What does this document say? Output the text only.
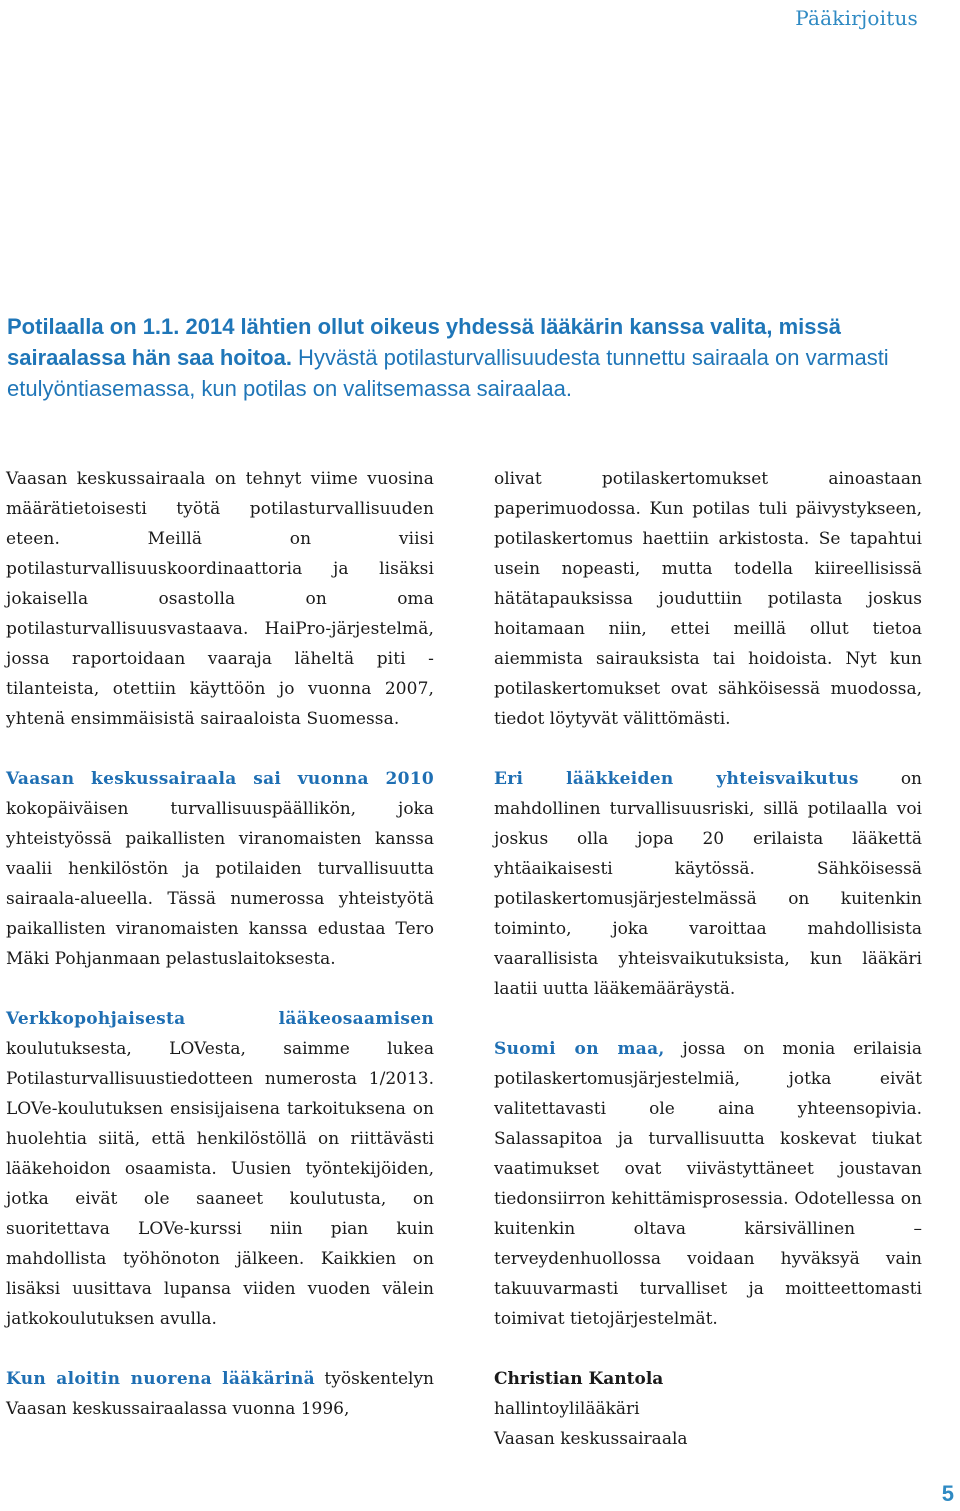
Pääkirjoitus

Potilaalla on 1.1. 2014 lähtien ollut oikeus yhdessä lääkärin kanssa valita, missä sairaalassa hän saa hoitoa. Hyvästä potilasturvallisuudesta tunnettu sairaala on varmasti etulyöntiasemassa, kun potilas on valitsemassa sairaalaa.

Vaasan keskussairaala on tehnyt viime vuosina määrätietoisesti työtä potilasturvallisuuden eteen. Meillä on viisi potilasturvallisuuskoordinaattoria ja lisäksi jokaisella osastolla on oma potilasturvallisuusvastaava. HaiPro-järjestelmä, jossa raportoidaan vaaraja läheltä piti -tilanteista, otettiin käyttöön jo vuonna 2007, yhtenä ensimmäisistä sairaaloista Suomessa.

Vaasan keskussairaala sai vuonna 2010 kokopäiväisen turvallisuuspäällikön, joka yhteistyössä paikallisten viranomaisten kanssa vaalii henkilöstön ja potilaiden turvallisuutta sairaala-alueella. Tässä numerossa yhteistyötä paikallisten viranomaisten kanssa edustaa Tero Mäki Pohjanmaan pelastuslaitoksesta.

Verkkopohjaisesta lääkeosaamisen koulutuksesta, LOVesta, saimme lukea Potilasturvallisuustiedotteen numerosta 1/2013. LOVe-koulutuksen ensisijaisena tarkoituksena on huolehtia siitä, että henkilöstöllä on riittävästi lääkehoidon osaamista. Uusien työntekijöiden, jotka eivät ole saaneet koulutusta, on suoritettava LOVe-kurssi niin pian kuin mahdollista työhönoton jälkeen. Kaikkien on lisäksi uusittava lupansa viiden vuoden välein jatkokoulutuksen avulla.

Kun aloitin nuorena lääkärinä työskentelyn Vaasan keskussairaalassa vuonna 1996,

olivat potilaskertomukset ainoastaan paperimuodossa. Kun potilas tuli päivystykseen, potilaskertomus haettiin arkistosta. Se tapahtui usein nopeasti, mutta todella kiireellisissä hätätapauksissa jouduttiin potilasta joskus hoitamaan niin, ettei meillä ollut tietoa aiemmista sairauksista tai hoidoista. Nyt kun potilaskertomukset ovat sähköisessä muodossa, tiedot löytyvät välittömästi.

Eri lääkkeiden yhteisvaikutus on mahdollinen turvallisuusriski, sillä potilaalla voi joskus olla jopa 20 erilaista lääkettä yhtäaikaisesti käytössä. Sähköisessä potilaskertomusjärjestelmässä on kuitenkin toiminto, joka varoittaa mahdollisista vaarallisista yhteisvaikutuksista, kun lääkäri laatii uutta lääkemääräystä.

Suomi on maa, jossa on monia erilaisia potilaskertomusjärjestelmiä, jotka eivät valitettavasti ole aina yhteensopivia. Salassapitoa ja turvallisuutta koskevat tiukat vaatimukset ovat viivästyttäneet joustavan tiedonsiirron kehittämisprosessia. Odotellessa on kuitenkin oltava kärsivällinen – terveydenhuollossa voidaan hyväksyä vain takuuvarmasti turvalliset ja moitteettomasti toimivat tietojärjestelmät.

Christian Kantola
hallintoylilääkäri
Vaasan keskussairaala
5
